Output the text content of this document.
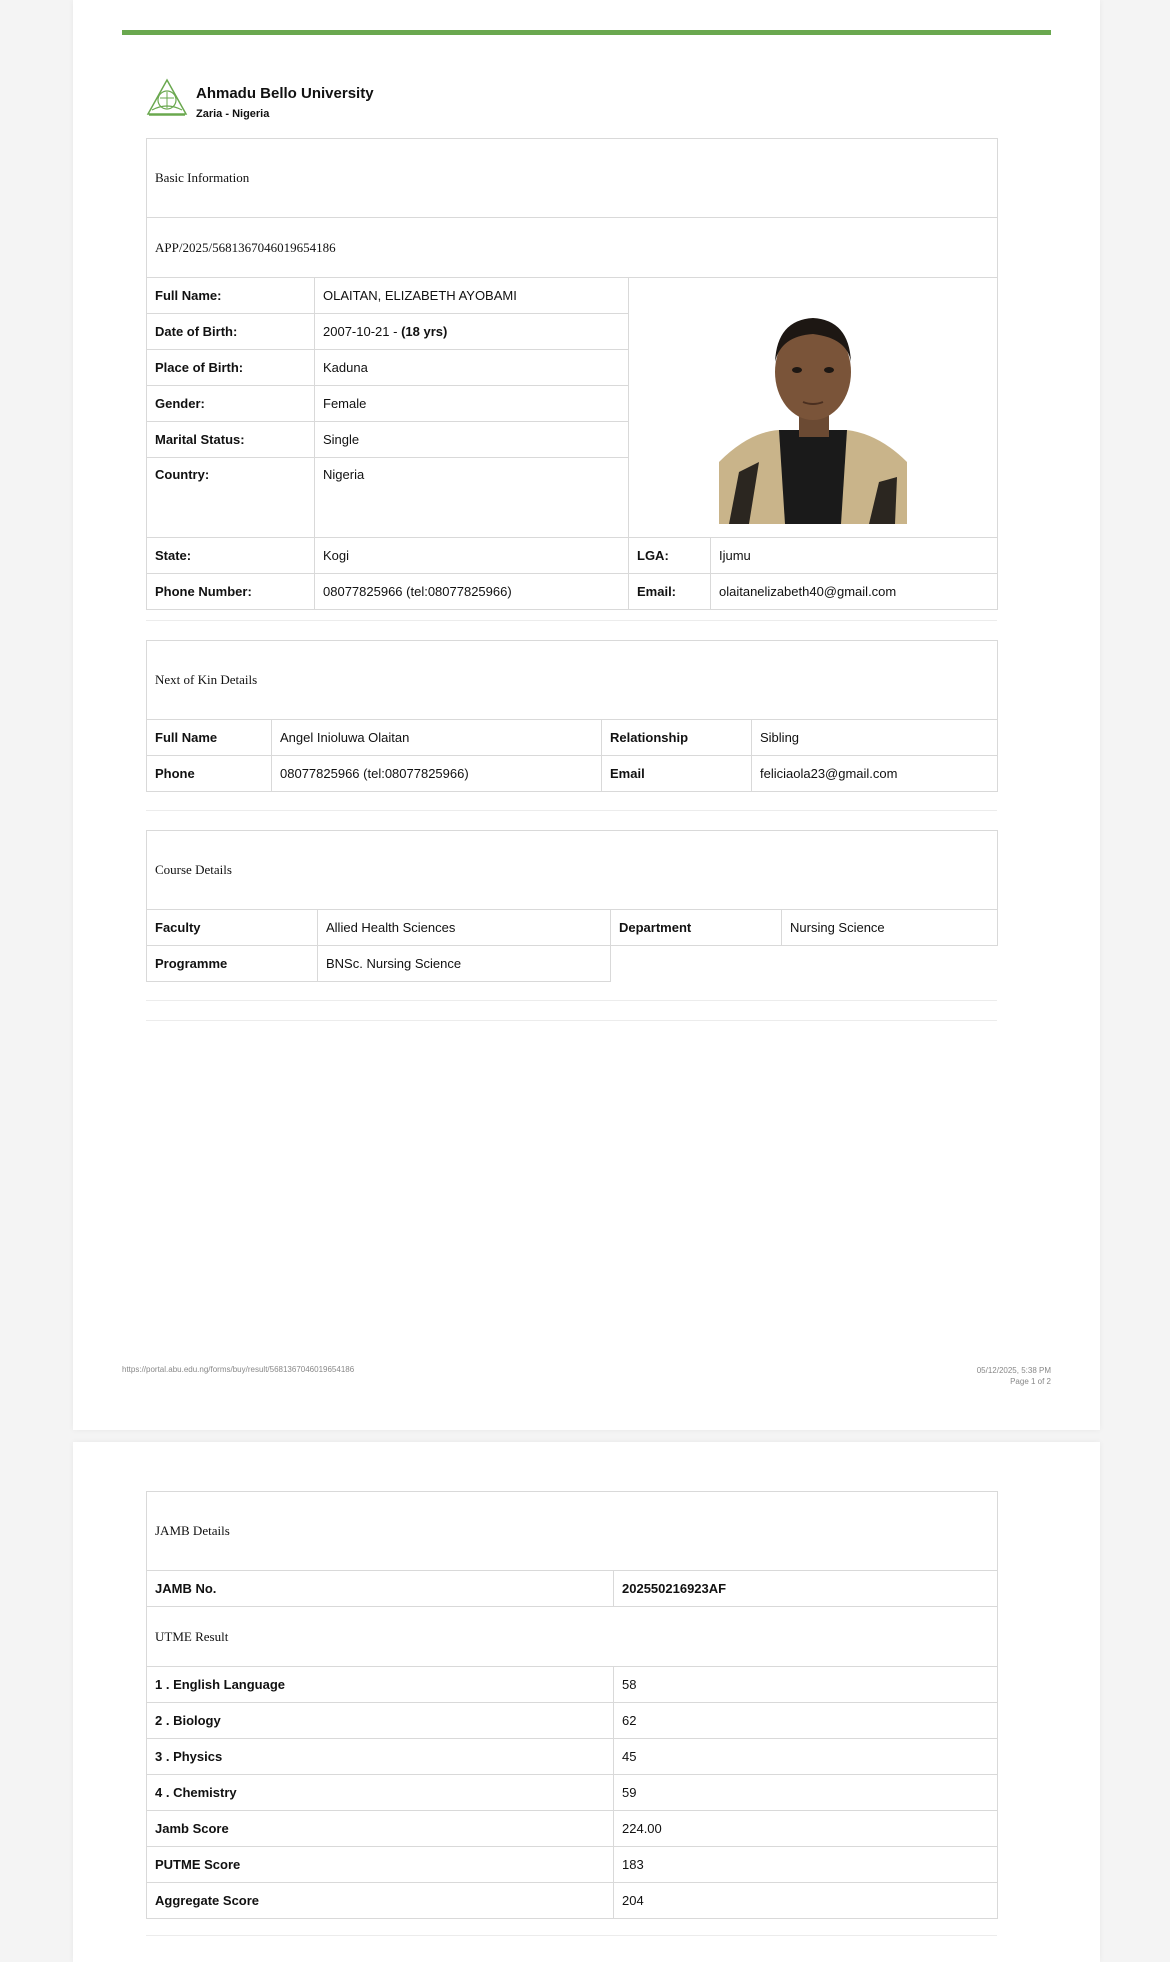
Ahmadu Bello University
Zaria - Nigeria
Basic Information			
APP/2025/5681367046019654186			
Full Name:	OLAITAN, ELIZABETH AYOBAMI	
Date of Birth:	2007-10-21 - (18 yrs)		
Place of Birth:	Kaduna		
Gender:	Female		
Marital Status:	Single		
Country:	Nigeria		
State:	Kogi	LGA:	Ijumu
Phone Number:	08077825966 (tel:08077825966)	Email:	olaitanelizabeth40@gmail.com
Next of Kin Details			
Full Name	Angel Inioluwa Olaitan	Relationship	Sibling
Phone	08077825966 (tel:08077825966)	Email	feliciaola23@gmail.com
Course Details			
Faculty	Allied Health Sciences	Department	Nursing Science
Programme	BNSc. Nursing Science		
https://portal.abu.edu.ng/forms/buy/result/5681367046019654186	05/12/2025, 5:38 PM
Page 1 of 2
JAMB Details	
JAMB No.	202550216923AF
UTME Result	
1 . English Language	58
2 . Biology	62
3 . Physics	45
4 . Chemistry	59
Jamb Score	224.00
PUTME Score	183
Aggregate Score	204
